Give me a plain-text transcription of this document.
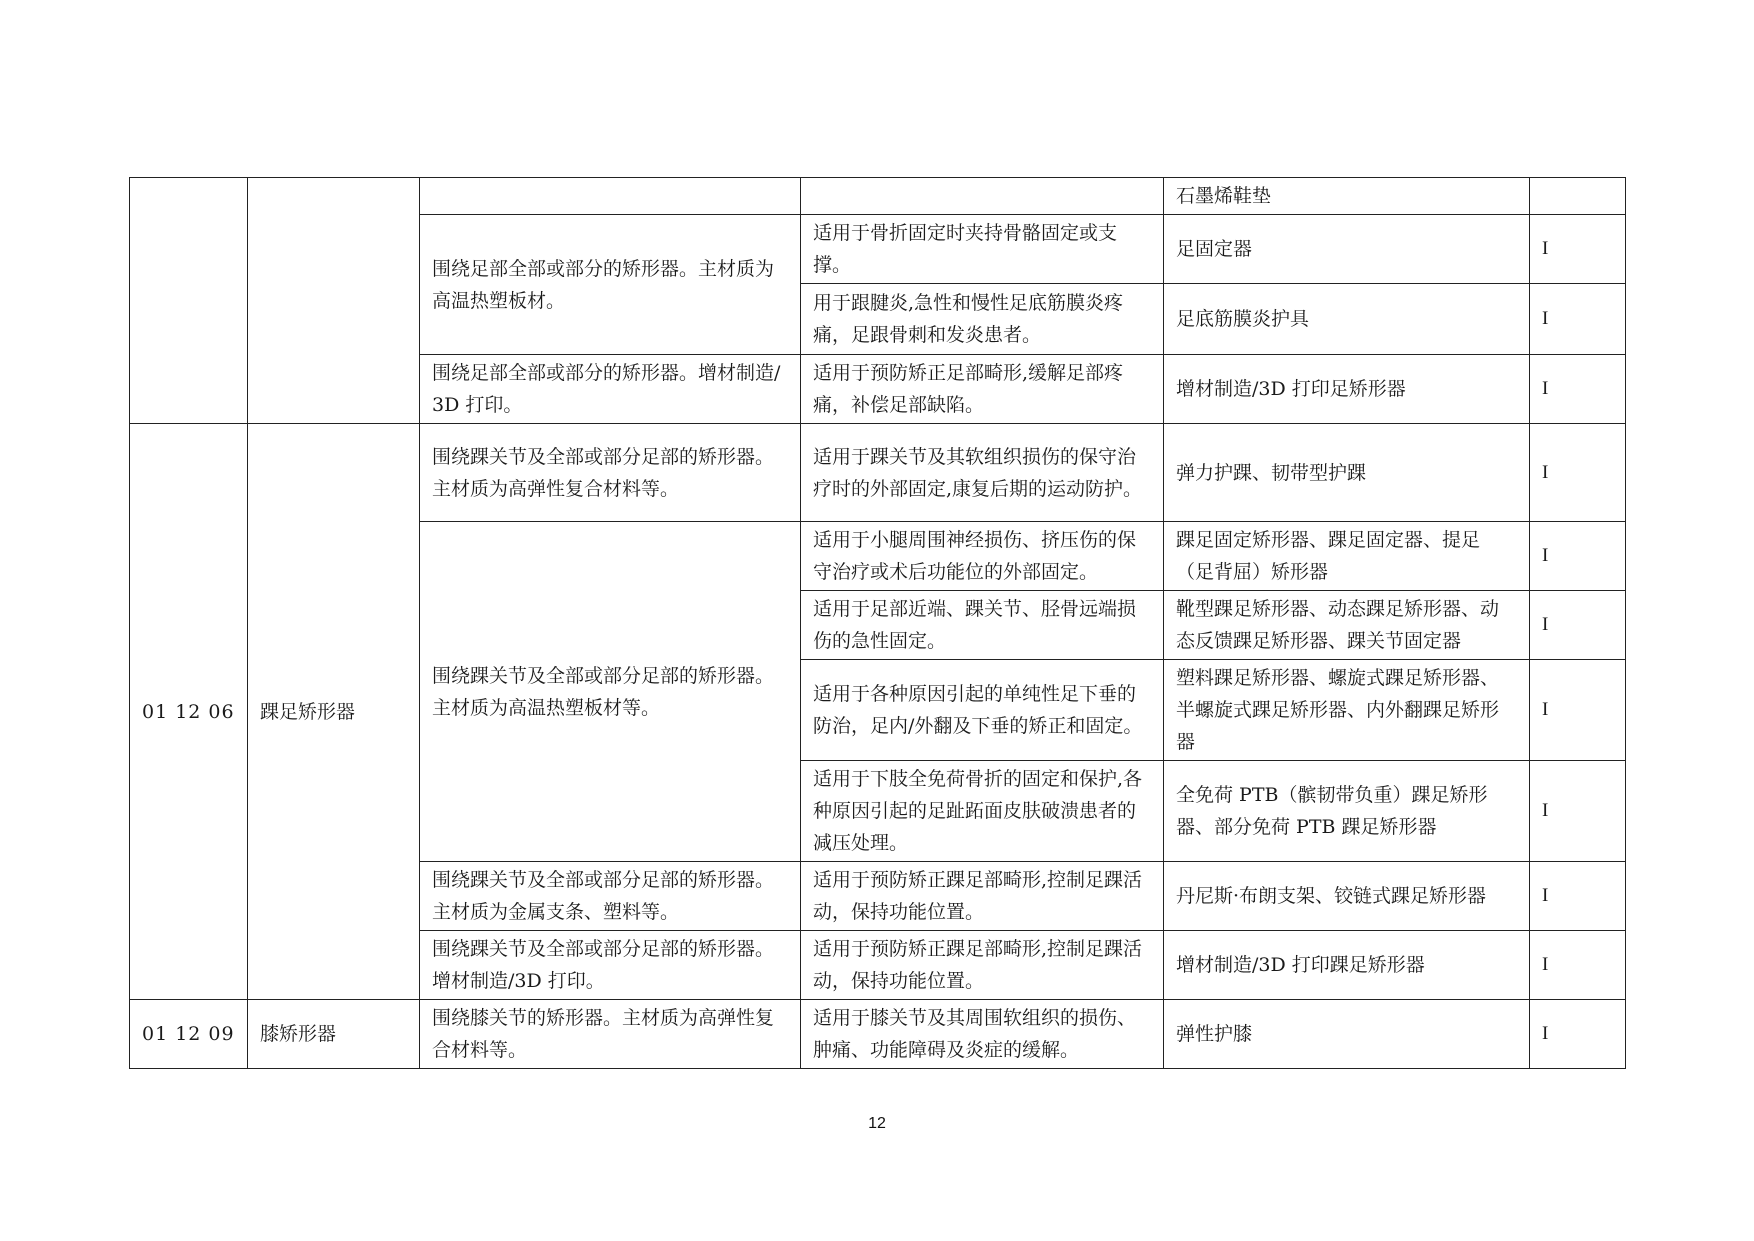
				石墨烯鞋垫	
		围绕足部全部或部分的矫形器。主材质为高温热塑板材。	适用于骨折固定时夹持骨骼固定或支撑。	足固定器	I
			用于跟腱炎,急性和慢性足底筋膜炎疼痛，足跟骨刺和发炎患者。	足底筋膜炎护具	I
		围绕足部全部或部分的矫形器。增材制造/3D 打印。	适用于预防矫正足部畸形,缓解足部疼痛，补偿足部缺陷。	增材制造/3D 打印足矫形器	I
01 12 06	踝足矫形器	围绕踝关节及全部或部分足部的矫形器。主材质为高弹性复合材料等。	适用于踝关节及其软组织损伤的保守治疗时的外部固定,康复后期的运动防护。	弹力护踝、韧带型护踝	I
		围绕踝关节及全部或部分足部的矫形器。主材质为高温热塑板材等。	适用于小腿周围神经损伤、挤压伤的保守治疗或术后功能位的外部固定。	踝足固定矫形器、踝足固定器、提足（足背屈）矫形器	I
			适用于足部近端、踝关节、胫骨远端损伤的急性固定。	靴型踝足矫形器、动态踝足矫形器、动态反馈踝足矫形器、踝关节固定器	I
			适用于各种原因引起的单纯性足下垂的防治，足内/外翻及下垂的矫正和固定。	塑料踝足矫形器、螺旋式踝足矫形器、半螺旋式踝足矫形器、内外翻踝足矫形器	I
			适用于下肢全免荷骨折的固定和保护,各种原因引起的足趾跖面皮肤破溃患者的减压处理。	全免荷 PTB（髌韧带负重）踝足矫形器、部分免荷 PTB 踝足矫形器	I
		围绕踝关节及全部或部分足部的矫形器。主材质为金属支条、塑料等。	适用于预防矫正踝足部畸形,控制足踝活动，保持功能位置。	丹尼斯·布朗支架、铰链式踝足矫形器	I
		围绕踝关节及全部或部分足部的矫形器。增材制造/3D 打印。	适用于预防矫正踝足部畸形,控制足踝活动，保持功能位置。	增材制造/3D 打印踝足矫形器	I
01 12 09	膝矫形器	围绕膝关节的矫形器。主材质为高弹性复合材料等。	适用于膝关节及其周围软组织的损伤、肿痛、功能障碍及炎症的缓解。	弹性护膝	I
12
